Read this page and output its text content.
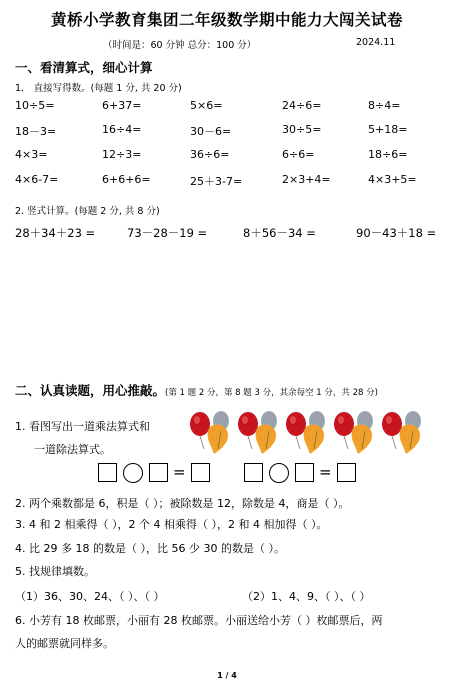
黄桥小学教育集团二年级数学期中能力大闯关试卷
（时间是：60 分钟 总分：100 分）	2024.11
一、看清算式，细心计算
1． 直接写得数。(每题 1 分, 共 20 分)
10÷5=	6+37=	5×6=	24÷6=	8÷4=
18－3=	16÷4=	30－6=	30÷5=	5+18=
4×3=	12÷3=	36÷6=	6÷6=	18÷6=
4×6-7=	6+6+6=	25＋3-7=	2×3+4=	4×3+5=
2. 竖式计算。(每题 2 分, 共 8 分)
28＋34＋23 =	73－28－19 =	8＋56－34 =	90－43＋18 =
二、认真读题，用心推敲。(第 1 题 2 分，第 8 题 3 分，其余每空 1 分，共 28 分)
1. 看图写出一道乘法算式和
一道除法算式。
=	=
2. 两个乘数都是 6，积是（ ）；被除数是 12，除数是 4，商是（ ）。
3. 4 和 2 相乘得（ ），2 个 4 相乘得（ ），2 和 4 相加得（ ）。
4. 比 29 多 18 的数是（ ），比 56 少 30 的数是（ ）。
5. 找规律填数。
（1）36、30、24、（ ）、（ ）	（2）1、4、9、（ ）、（ ）
6. 小芳有 18 枚邮票，小丽有 28 枚邮票。小丽送给小芳（ ）枚邮票后，两
人的邮票就同样多。
1 / 4
